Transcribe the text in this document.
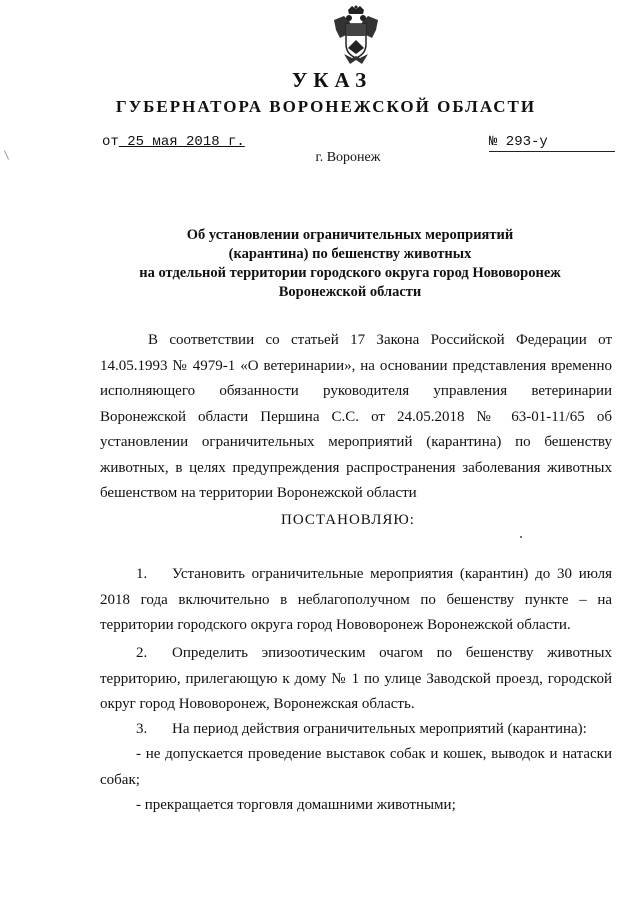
УКАЗ
ГУБЕРНАТОРА ВОРОНЕЖСКОЙ ОБЛАСТИ
от 25 мая 2018 г.	№ 293-у
г. Воронеж
Об установлении ограничительных мероприятий
(карантина) по бешенству животных
на отдельной территории городского округа город Нововоронеж
Воронежской области
В соответствии со статьей 17 Закона Российской Федерации от 14.05.1993 № 4979-1 «О ветеринарии», на основании представления временно исполняющего обязанности руководителя управления ветеринарии Воронежской области Першина С.С. от 24.05.2018 № 63-01-11/65 об установлении ограничительных мероприятий (карантина) по бешенству животных, в целях предупреждения распространения заболевания животных бешенством на территории Воронежской области
ПОСТАНОВЛЯЮ:
1. Установить ограничительные мероприятия (карантин) до 30 июля 2018 года включительно в неблагополучном по бешенству пункте – на территории городского округа город Нововоронеж Воронежской области.
2. Определить эпизоотическим очагом по бешенству животных территорию, прилегающую к дому № 1 по улице Заводской проезд, городской округ город Нововоронеж, Воронежская область.
3. На период действия ограничительных мероприятий (карантина):
- не допускается проведение выставок собак и кошек, выводок и натаски собак;
- прекращается торговля домашними животными;
